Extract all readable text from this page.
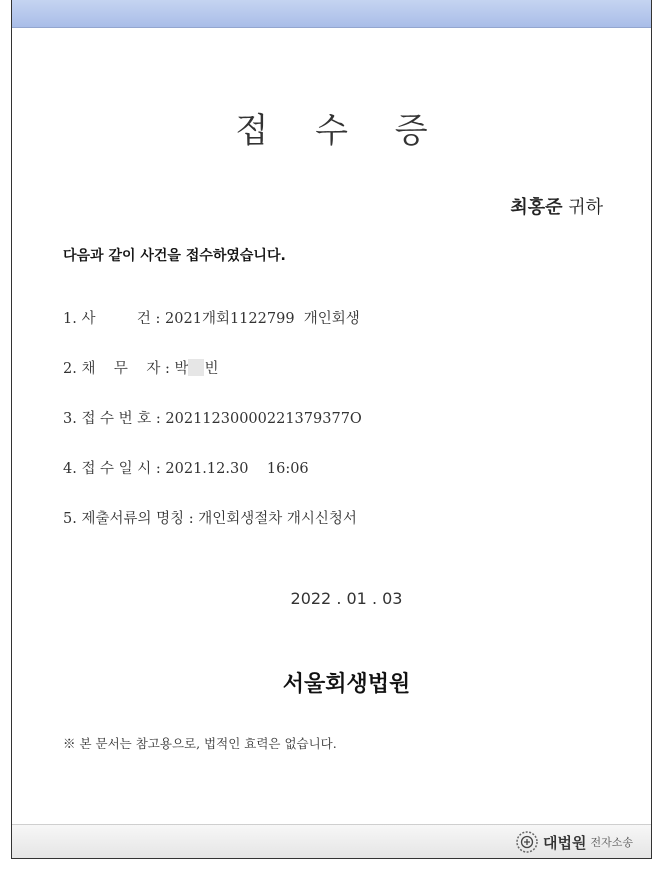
접 수 증
최홍준 귀하
다음과 같이 사건을 접수하였습니다.
1. 사         건 : 2021개회1122799  개인회생
2. 채    무    자 : 박 빈
3. 접 수 번 호 : 20211230000221379377O
4. 접 수 일 시 : 2021.12.30    16:06
5. 제출서류의 명칭 : 개인회생절차 개시신청서
2022 . 01 . 03
서울회생법원
※ 본 문서는 참고용으로, 법적인 효력은 없습니다.
대법원 전자소송
